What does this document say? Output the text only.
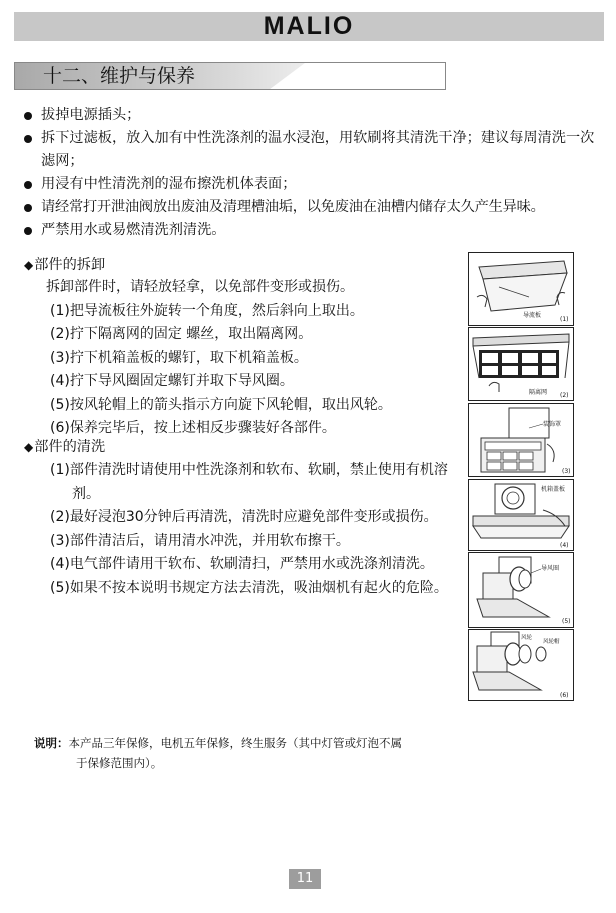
MALIO
十二、维护与保养
拔掉电源插头；
拆下过滤板，放入加有中性洗涤剂的温水浸泡，用软刷将其清洗干净；建议每周清洗一次滤网；
用浸有中性清洗剂的湿布擦洗机体表面；
请经常打开泄油阀放出废油及清理槽油垢，以免废油在油槽内储存太久产生异味。
严禁用水或易燃清洗剂清洗。
◆部件的拆卸
拆卸部件时，请轻放轻拿，以免部件变形或损伤。
(1)把导流板往外旋转一个角度，然后斜向上取出。
(2)拧下隔离网的固定 螺丝，取出隔离网。
(3)拧下机箱盖板的螺钉，取下机箱盖板。
(4)拧下导风圈固定螺钉并取下导风圈。
(5)按风轮帽上的箭头指示方向旋下风轮帽，取出风轮。
(6)保养完毕后，按上述相反步骤装好各部件。
◆部件的清洗
(1)部件清洗时请使用中性洗涤剂和软布、软刷，禁止使用有机溶剂。
(2)最好浸泡30分钟后再清洗，清洗时应避免部件变形或损伤。
(3)部件清洁后，请用清水冲洗，并用软布擦干。
(4)电气部件请用干软布、软刷清扫，严禁用水或洗涤剂清洗。
(5)如果不按本说明书规定方法去清洗，吸油烟机有起火的危险。
导流板
(1)
隔离网 (2)
装饰罩
(3)
机箱盖板
(4)
导风圈
(5)
风轮
风轮帽
(6)
说明：本产品三年保修，电机五年保修，终生服务（其中灯管或灯泡不属
于保修范围内）。
11
